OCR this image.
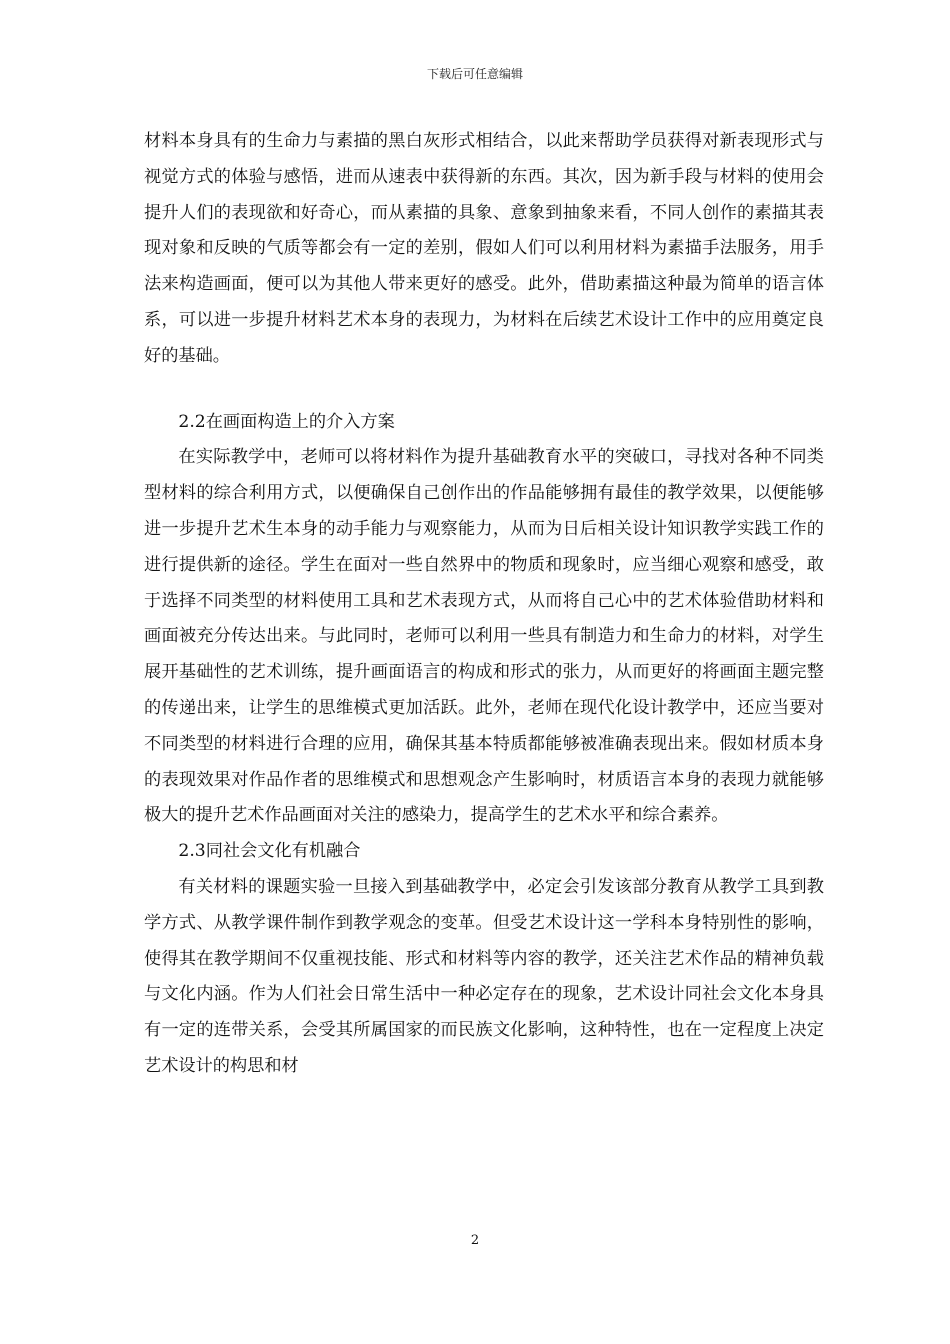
下载后可任意编辑

材料本身具有的生命力与素描的黑白灰形式相结合，以此来帮助学员获得对新表现形式与视觉方式的体验与感悟，进而从速表中获得新的东西。其次，因为新手段与材料的使用会提升人们的表现欲和好奇心，而从素描的具象、意象到抽象来看，不同人创作的素描其表现对象和反映的气质等都会有一定的差别，假如人们可以利用材料为素描手法服务，用手法来构造画面，便可以为其他人带来更好的感受。此外，借助素描这种最为简单的语言体系，可以进一步提升材料艺术本身的表现力，为材料在后续艺术设计工作中的应用奠定良好的基础。

2.2在画面构造上的介入方案

在实际教学中，老师可以将材料作为提升基础教育水平的突破口，寻找对各种不同类型材料的综合利用方式，以便确保自己创作出的作品能够拥有最佳的教学效果，以便能够进一步提升艺术生本身的动手能力与观察能力，从而为日后相关设计知识教学实践工作的进行提供新的途径。学生在面对一些自然界中的物质和现象时，应当细心观察和感受，敢于选择不同类型的材料使用工具和艺术表现方式，从而将自己心中的艺术体验借助材料和画面被充分传达出来。与此同时，老师可以利用一些具有制造力和生命力的材料，对学生展开基础性的艺术训练，提升画面语言的构成和形式的张力，从而更好的将画面主题完整的传递出来，让学生的思维模式更加活跃。此外，老师在现代化设计教学中，还应当要对不同类型的材料进行合理的应用，确保其基本特质都能够被准确表现出来。假如材质本身的表现效果对作品作者的思维模式和思想观念产生影响时，材质语言本身的表现力就能够极大的提升艺术作品画面对关注的感染力，提高学生的艺术水平和综合素养。

2.3同社会文化有机融合

有关材料的课题实验一旦接入到基础教学中，必定会引发该部分教育从教学工具到教学方式、从教学课件制作到教学观念的变革。但受艺术设计这一学科本身特别性的影响，使得其在教学期间不仅重视技能、形式和材料等内容的教学，还关注艺术作品的精神负载与文化内涵。作为人们社会日常生活中一种必定存在的现象，艺术设计同社会文化本身具有一定的连带关系，会受其所属国家的而民族文化影响，这种特性，也在一定程度上决定艺术设计的构思和材

2
